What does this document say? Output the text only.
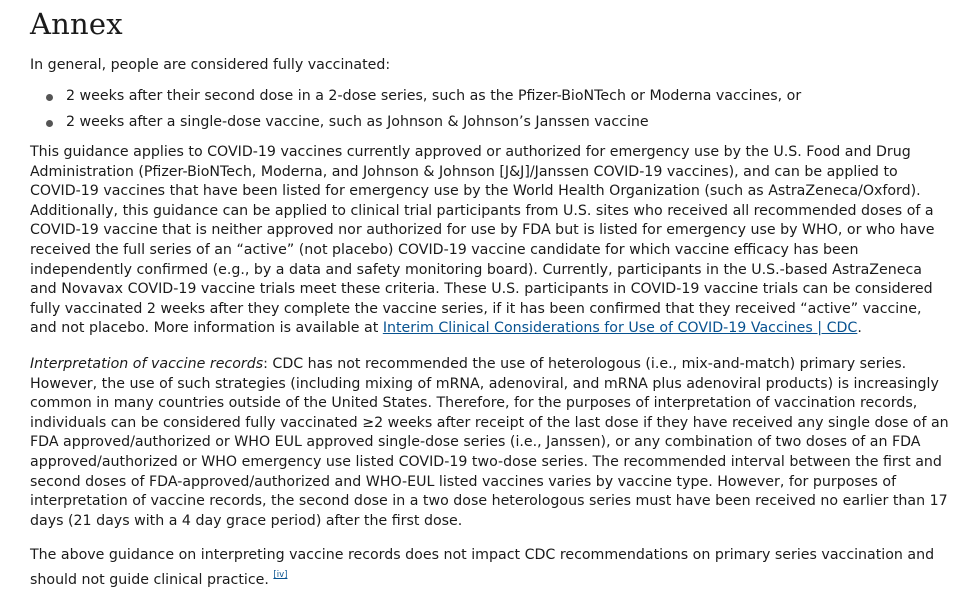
Annex

In general, people are considered fully vaccinated:

2 weeks after their second dose in a 2-dose series, such as the Pfizer-BioNTech or Moderna vaccines, or
2 weeks after a single-dose vaccine, such as Johnson & Johnson’s Janssen vaccine

This guidance applies to COVID-19 vaccines currently approved or authorized for emergency use by the U.S. Food and Drug Administration (Pfizer-BioNTech, Moderna, and Johnson & Johnson [J&J]/Janssen COVID-19 vaccines), and can be applied to COVID-19 vaccines that have been listed for emergency use by the World Health Organization (such as AstraZeneca/Oxford). Additionally, this guidance can be applied to clinical trial participants from U.S. sites who received all recommended doses of a COVID-19 vaccine that is neither approved nor authorized for use by FDA but is listed for emergency use by WHO, or who have received the full series of an “active” (not placebo) COVID-19 vaccine candidate for which vaccine efficacy has been independently confirmed (e.g., by a data and safety monitoring board). Currently, participants in the U.S.-based AstraZeneca and Novavax COVID-19 vaccine trials meet these criteria. These U.S. participants in COVID-19 vaccine trials can be considered fully vaccinated 2 weeks after they complete the vaccine series, if it has been confirmed that they received “active” vaccine, and not placebo. More information is available at Interim Clinical Considerations for Use of COVID-19 Vaccines | CDC.

Interpretation of vaccine records: CDC has not recommended the use of heterologous (i.e., mix-and-match) primary series. However, the use of such strategies (including mixing of mRNA, adenoviral, and mRNA plus adenoviral products) is increasingly common in many countries outside of the United States. Therefore, for the purposes of interpretation of vaccination records, individuals can be considered fully vaccinated ≥2 weeks after receipt of the last dose if they have received any single dose of an FDA approved/authorized or WHO EUL approved single-dose series (i.e., Janssen), or any combination of two doses of an FDA approved/authorized or WHO emergency use listed COVID-19 two-dose series. The recommended interval between the first and second doses of FDA-approved/authorized and WHO-EUL listed vaccines varies by vaccine type. However, for purposes of interpretation of vaccine records, the second dose in a two dose heterologous series must have been received no earlier than 17 days (21 days with a 4 day grace period) after the first dose.

The above guidance on interpreting vaccine records does not impact CDC recommendations on primary series vaccination and should not guide clinical practice. [iv]
